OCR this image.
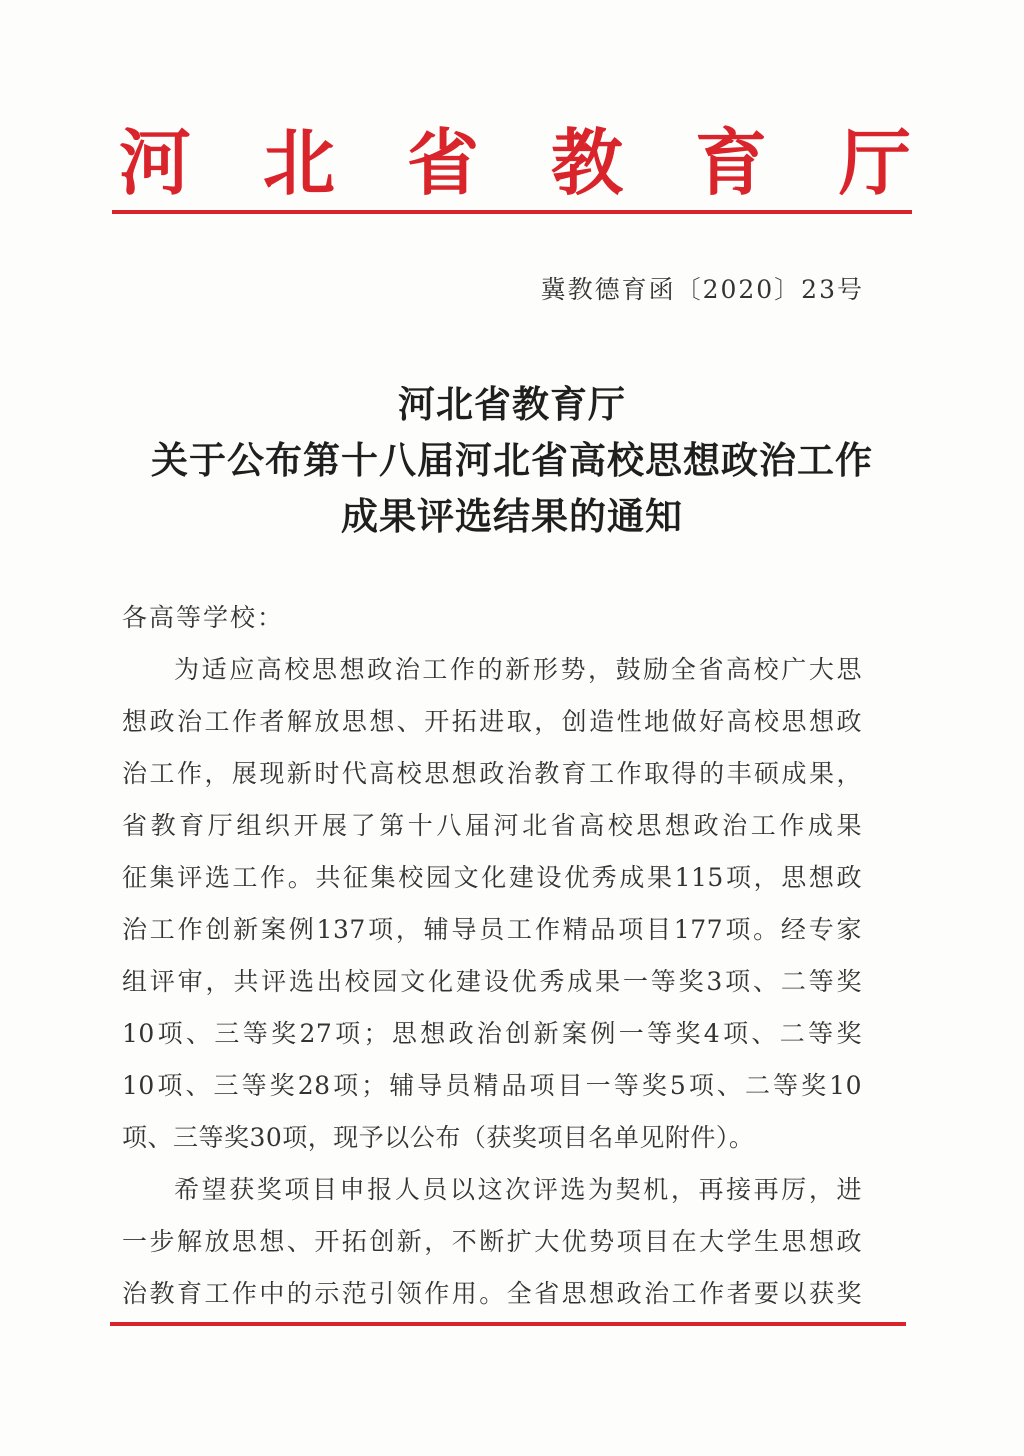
河 北 省 教 育 厅
冀教德育函〔2020〕23号
河北省教育厅
关于公布第十八届河北省高校思想政治工作
成果评选结果的通知
各高等学校：
为适应高校思想政治工作的新形势，鼓励全省高校广大思
想政治工作者解放思想、开拓进取，创造性地做好高校思想政
治工作，展现新时代高校思想政治教育工作取得的丰硕成果，
省教育厅组织开展了第十八届河北省高校思想政治工作成果
征集评选工作。共征集校园文化建设优秀成果115项，思想政
治工作创新案例137项，辅导员工作精品项目177项。经专家
组评审，共评选出校园文化建设优秀成果一等奖3项、二等奖
10项、三等奖27项；思想政治创新案例一等奖4项、二等奖
10项、三等奖28项；辅导员精品项目一等奖5项、二等奖10
项、三等奖30项，现予以公布（获奖项目名单见附件）。
希望获奖项目申报人员以这次评选为契机，再接再厉，进
一步解放思想、开拓创新，不断扩大优势项目在大学生思想政
治教育工作中的示范引领作用。全省思想政治工作者要以获奖
